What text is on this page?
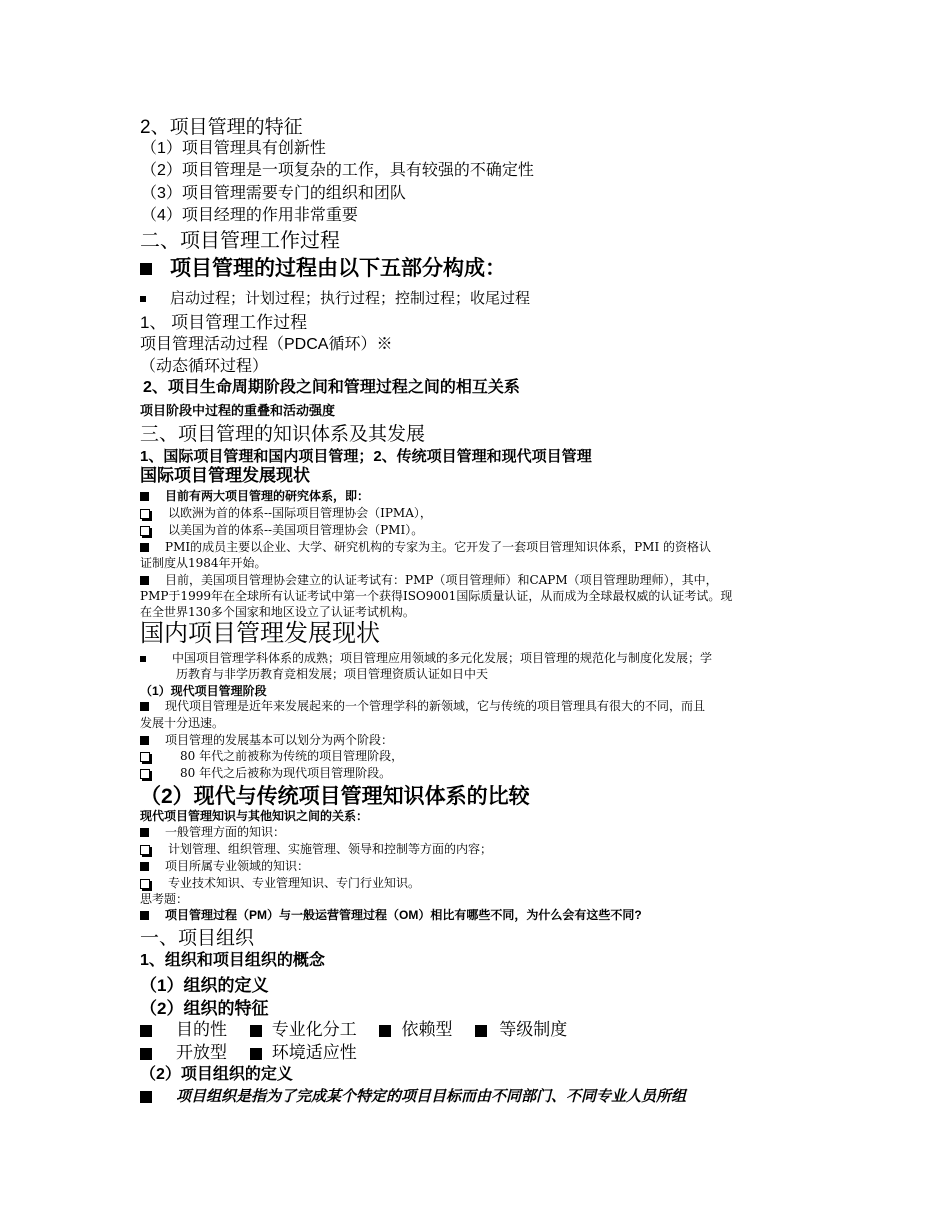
2、项目管理的特征
（1）项目管理具有创新性
（2）项目管理是一项复杂的工作，具有较强的不确定性
（3）项目管理需要专门的组织和团队
（4）项目经理的作用非常重要
二、项目管理工作过程
项目管理的过程由以下五部分构成：
启动过程；计划过程；执行过程；控制过程；收尾过程
1、 项目管理工作过程
项目管理活动过程（PDCA循环）※
（动态循环过程）
2、项目生命周期阶段之间和管理过程之间的相互关系
项目阶段中过程的重叠和活动强度
三、项目管理的知识体系及其发展
1、国际项目管理和国内项目管理；2、传统项目管理和现代项目管理
国际项目管理发展现状
目前有两大项目管理的研究体系，即：
以欧洲为首的体系--国际项目管理协会（IPMA），
以美国为首的体系--美国项目管理协会（PMI）。
PMI的成员主要以企业、大学、研究机构的专家为主。它开发了一套项目管理知识体系，PMI 的资格认
证制度从1984年开始。
目前，美国项目管理协会建立的认证考试有：PMP（项目管理师）和CAPM（项目管理助理师），其中，
PMP于1999年在全球所有认证考试中第一个获得ISO9001国际质量认证，从而成为全球最权威的认证考试。现
在全世界130多个国家和地区设立了认证考试机构。
国内项目管理发展现状
中国项目管理学科体系的成熟；项目管理应用领域的多元化发展；项目管理的规范化与制度化发展；学
历教育与非学历教育竞相发展；项目管理资质认证如日中天
（1）现代项目管理阶段
现代项目管理是近年来发展起来的一个管理学科的新领域，它与传统的项目管理具有很大的不同，而且
发展十分迅速。
项目管理的发展基本可以划分为两个阶段：
80 年代之前被称为传统的项目管理阶段，
80 年代之后被称为现代项目管理阶段。
（2）现代与传统项目管理知识体系的比较
现代项目管理知识与其他知识之间的关系：
一般管理方面的知识：
计划管理、组织管理、实施管理、领导和控制等方面的内容；
项目所属专业领域的知识：
专业技术知识、专业管理知识、专门行业知识。
思考题：
项目管理过程（PM）与一般运营管理过程（OM）相比有哪些不同，为什么会有这些不同?
一、项目组织
1、组织和项目组织的概念
（1）组织的定义
（2）组织的特征
目的性	专业化分工	依赖型	等级制度
开放型	环境适应性
（2）项目组织的定义
项目组织是指为了完成某个特定的项目目标而由不同部门、不同专业人员所组
